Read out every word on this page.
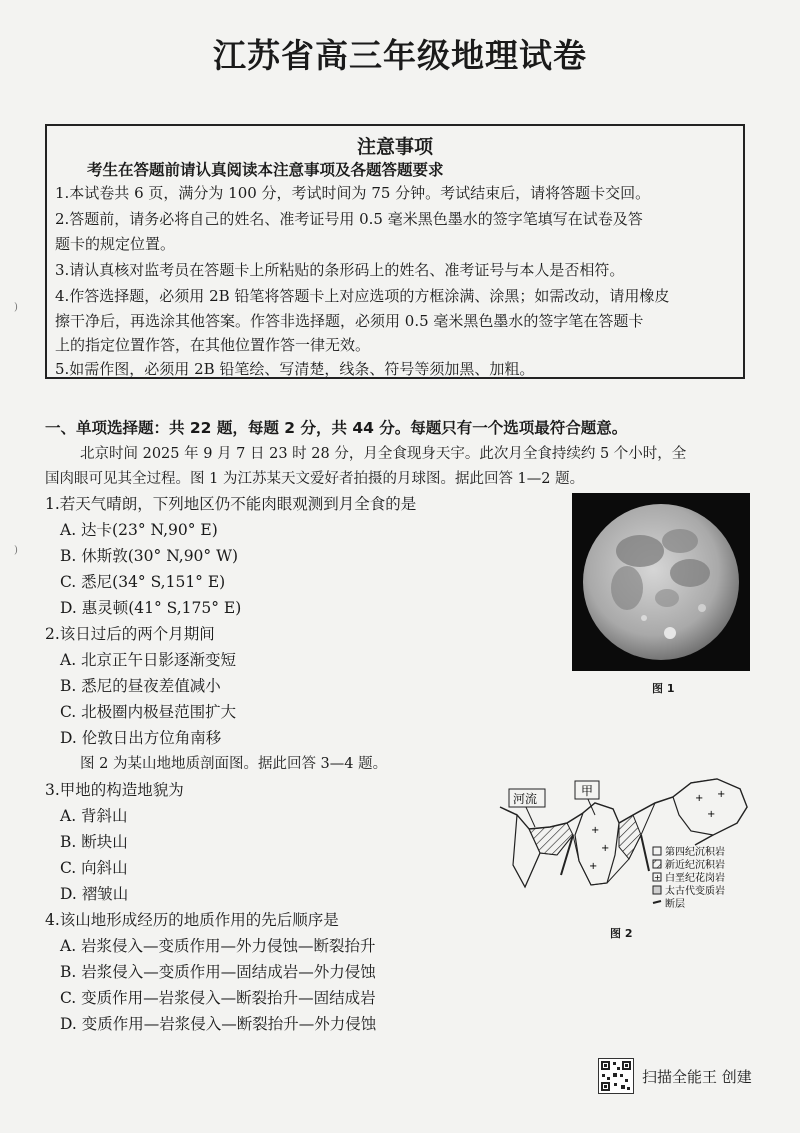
江苏省高三年级地理试卷
注意事项
考生在答题前请认真阅读本注意事项及各题答题要求
1.本试卷共 6 页，满分为 100 分，考试时间为 75 分钟。考试结束后，请将答题卡交回。
2.答题前，请务必将自己的姓名、准考证号用 0.5 毫米黑色墨水的签字笔填写在试卷及答
题卡的规定位置。
3.请认真核对监考员在答题卡上所粘贴的条形码上的姓名、准考证号与本人是否相符。
4.作答选择题，必须用 2B 铅笔将答题卡上对应选项的方框涂满、涂黑；如需改动，请用橡皮
擦干净后，再选涂其他答案。作答非选择题，必须用 0.5 毫米黑色墨水的签字笔在答题卡
上的指定位置作答，在其他位置作答一律无效。
5.如需作图，必须用 2B 铅笔绘、写清楚，线条、符号等须加黑、加粗。
)
)
一、单项选择题：共 22 题，每题 2 分，共 44 分。每题只有一个选项最符合题意。
北京时间 2025 年 9 月 7 日 23 时 28 分，月全食现身天宇。此次月全食持续约 5 个小时，全
国肉眼可见其全过程。图 1 为江苏某天文爱好者拍摄的月球图。据此回答 1—2 题。
1.若天气晴朗，下列地区仍不能肉眼观测到月全食的是
A. 达卡(23° N,90° E)
B. 休斯敦(30° N,90° W)
C. 悉尼(34° S,151° E)
D. 惠灵顿(41° S,175° E)
2.该日过后的两个月期间
A. 北京正午日影逐渐变短
B. 悉尼的昼夜差值减小
C. 北极圈内极昼范围扩大
D. 伦敦日出方位角南移
图 2 为某山地地质剖面图。据此回答 3—4 题。
3.甲地的构造地貌为
A. 背斜山
B. 断块山
C. 向斜山
D. 褶皱山
4.该山地形成经历的地质作用的先后顺序是
A. 岩浆侵入—变质作用—外力侵蚀—断裂抬升
B. 岩浆侵入—变质作用—固结成岩—外力侵蚀
C. 变质作用—岩浆侵入—断裂抬升—固结成岩
D. 变质作用—岩浆侵入—断裂抬升—外力侵蚀
图 1
+
+
+
+ +
+
河流
甲
第四纪沉积岩
新近纪沉积岩
+ 白垩纪花岗岩
太古代变质岩
断层
图 2
扫描全能王 创建
